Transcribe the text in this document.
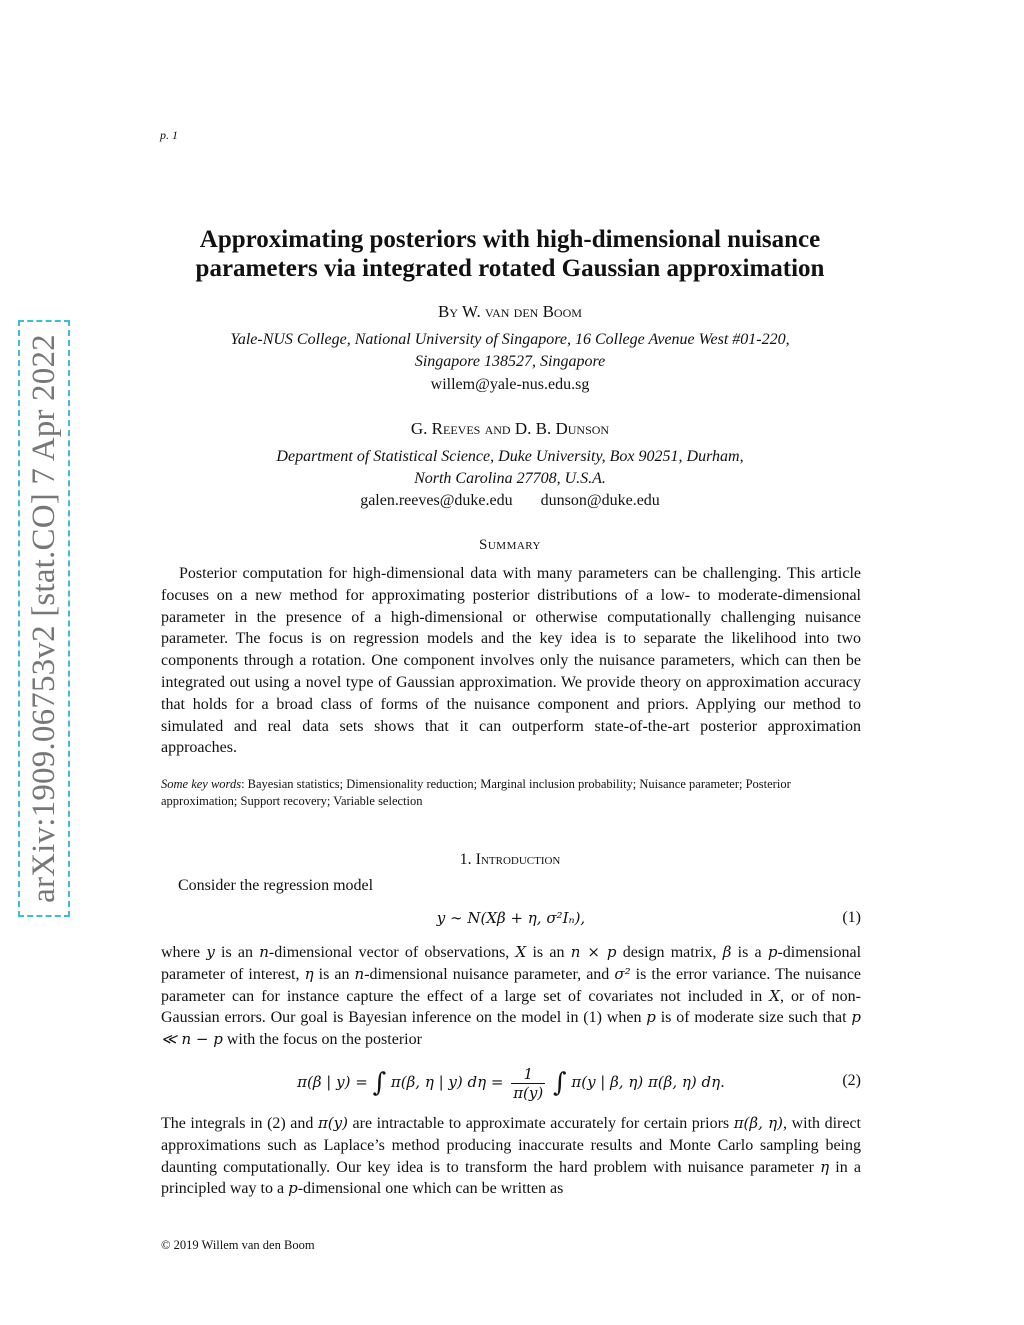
arXiv:1909.06753v2 [stat.CO] 7 Apr 2022
p. 1
Approximating posteriors with high-dimensional nuisance
parameters via integrated rotated Gaussian approximation
By W. van den Boom
Yale-NUS College, National University of Singapore, 16 College Avenue West #01-220,
Singapore 138527, Singapore
willem@yale-nus.edu.sg
G. Reeves and D. B. Dunson
Department of Statistical Science, Duke University, Box 90251, Durham,
North Carolina 27708, U.S.A.
galen.reeves@duke.edu dunson@duke.edu
Summary

Posterior computation for high-dimensional data with many parameters can be challenging. This article focuses on a new method for approximating posterior distributions of a low- to moderate-dimensional parameter in the presence of a high-dimensional or otherwise computationally challenging nuisance parameter. The focus is on regression models and the key idea is to separate the likelihood into two components through a rotation. One component involves only the nuisance parameters, which can then be integrated out using a novel type of Gaussian approximation. We provide theory on approximation accuracy that holds for a broad class of forms of the nuisance component and priors. Applying our method to simulated and real data sets shows that it can outperform state-of-the-art posterior approximation approaches.

Some key words: Bayesian statistics; Dimensionality reduction; Marginal inclusion probability; Nuisance parameter; Posterior approximation; Support recovery; Variable selection
1. Introduction
Consider the regression model
y ∼ N(Xβ + η, σ²Iₙ),	(1)

where y is an n-dimensional vector of observations, X is an n × p design matrix, β is a p-dimensional parameter of interest, η is an n-dimensional nuisance parameter, and σ² is the error variance. The nuisance parameter can for instance capture the effect of a large set of covariates not included in X, or of non-Gaussian errors. Our goal is Bayesian inference on the model in (1) when p is of moderate size such that p ≪ n − p with the focus on the posterior

π(β | y) = ∫ π(β, η | y) $d\eta = \frac{1}{\pi(y)}$ ∫ π(y | β, η) π(β, η) dη.	(2)

The integrals in (2) and π(y) are intractable to approximate accurately for certain priors π(β, η), with direct approximations such as Laplace’s method producing inaccurate results and Monte Carlo sampling being daunting computationally. Our key idea is to transform the hard problem with nuisance parameter η in a principled way to a p-dimensional one which can be written as

© 2019 Willem van den Boom
